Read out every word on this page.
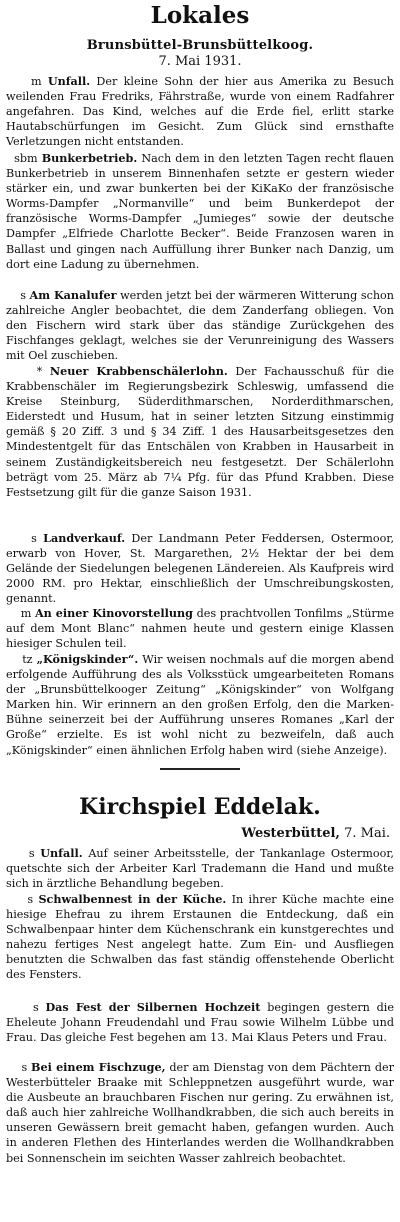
Lokales
Brunsbüttel-Brunsbüttelkoog.
7. Mai 1931.
m Unfall. Der kleine Sohn der hier aus Amerika zu Besuch weilenden Frau Fredriks, Fährstraße, wurde von einem Radfahrer angefahren. Das Kind, welches auf die Erde fiel, erlitt starke Hautabschürfungen im Gesicht. Zum Glück sind ernsthafte Verletzungen nicht entstanden.
sbm Bunkerbetrieb. Nach dem in den letzten Tagen recht flauen Bunkerbetrieb in unserem Binnenhafen setzte er gestern wieder stärker ein, und zwar bunkerten bei der KiKaKo der französische Worms-Dampfer „Normanville“ und beim Bunkerdepot der französische Worms-Dampfer „Jumieges“ sowie der deutsche Dampfer „Elfriede Charlotte Becker“. Beide Franzosen waren in Ballast und gingen nach Auffüllung ihrer Bunker nach Danzig, um dort eine Ladung zu übernehmen.
s Am Kanalufer werden jetzt bei der wärmeren Witterung schon zahlreiche Angler beobachtet, die dem Zanderfang obliegen. Von den Fischern wird stark über das ständige Zurückgehen des Fischfanges geklagt, welches sie der Verunreinigung des Wassers mit Oel zuschieben.
* Neuer Krabbenschälerlohn. Der Fachausschuß für die Krabbenschäler im Regierungsbezirk Schleswig, umfassend die Kreise Steinburg, Süderdithmarschen, Norderdithmarschen, Eiderstedt und Husum, hat in seiner letzten Sitzung einstimmig gemäß § 20 Ziff. 3 und § 34 Ziff. 1 des Hausarbeitsgesetzes den Mindestentgelt für das Entschälen von Krabben in Hausarbeit in seinem Zuständigkeitsbereich neu festgesetzt. Der Schälerlohn beträgt vom 25. März ab 7¼ Pfg. für das Pfund Krabben. Diese Festsetzung gilt für die ganze Saison 1931.
s Landverkauf. Der Landmann Peter Feddersen, Ostermoor, erwarb von Hover, St. Margarethen, 2½ Hektar der bei dem Gelände der Siedelungen belegenen Ländereien. Als Kaufpreis wird 2000 RM. pro Hektar, einschließlich der Umschreibungskosten, genannt.
m An einer Kinovorstellung des prachtvollen Tonfilms „Stürme auf dem Mont Blanc“ nahmen heute und gestern einige Klassen hiesiger Schulen teil.
tz „Königskinder“. Wir weisen nochmals auf die morgen abend erfolgende Aufführung des als Volksstück umgearbeiteten Romans der „Brunsbüttelkooger Zeitung“ „Königskinder“ von Wolfgang Marken hin. Wir erinnern an den großen Erfolg, den die Marken-Bühne seinerzeit bei der Aufführung unseres Romanes „Karl der Große“ erzielte. Es ist wohl nicht zu bezweifeln, daß auch „Königskinder“ einen ähnlichen Erfolg haben wird (siehe Anzeige).
Kirchspiel Eddelak.
Westerbüttel, 7. Mai.
s Unfall. Auf seiner Arbeitsstelle, der Tankanlage Ostermoor, quetschte sich der Arbeiter Karl Trademann die Hand und mußte sich in ärztliche Behandlung begeben.
s Schwalbennest in der Küche. In ihrer Küche machte eine hiesige Ehefrau zu ihrem Erstaunen die Entdeckung, daß ein Schwalbenpaar hinter dem Küchenschrank ein kunstgerechtes und nahezu fertiges Nest angelegt hatte. Zum Ein- und Ausfliegen benutzten die Schwalben das fast ständig offenstehende Oberlicht des Fensters.
s Das Fest der Silbernen Hochzeit begingen gestern die Eheleute Johann Freudendahl und Frau sowie Wilhelm Lübbe und Frau. Das gleiche Fest begehen am 13. Mai Klaus Peters und Frau.
s Bei einem Fischzuge, der am Dienstag von dem Pächtern der Westerbütteler Braake mit Schleppnetzen ausgeführt wurde, war die Ausbeute an brauchbaren Fischen nur gering. Zu erwähnen ist, daß auch hier zahlreiche Wollhandkrabben, die sich auch bereits in unseren Gewässern breit gemacht haben, gefangen wurden. Auch in anderen Flethen des Hinterlandes werden die Wollhandkrabben bei Sonnenschein im seichten Wasser zahlreich beobachtet.
